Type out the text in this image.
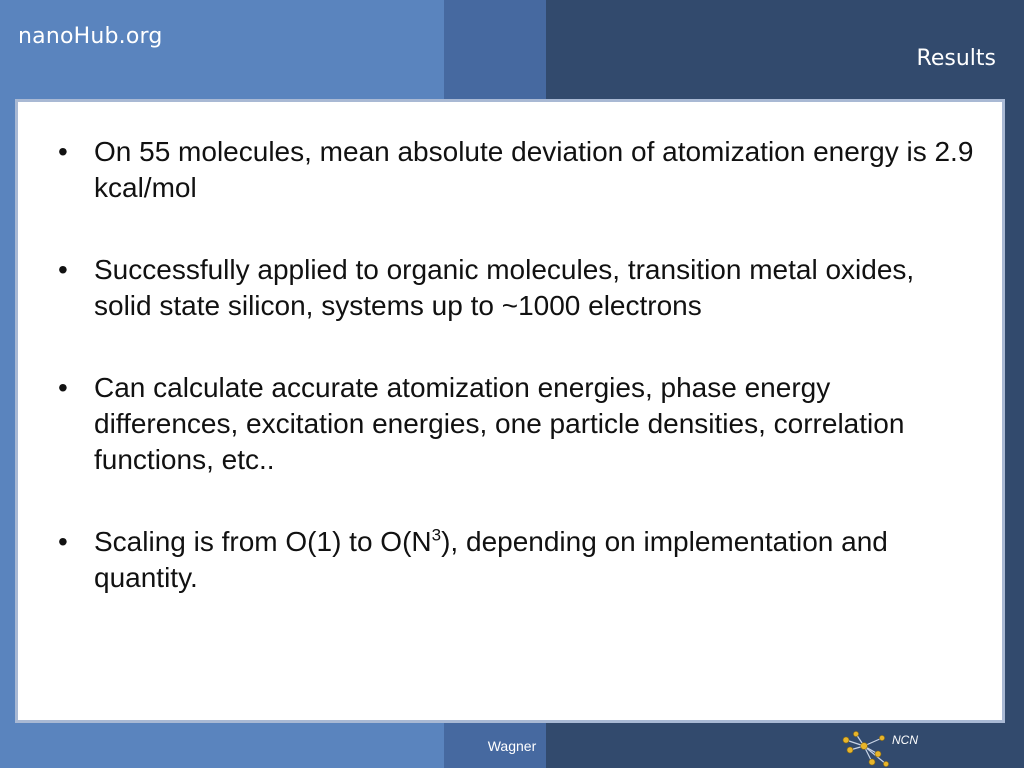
nanoHub.org
Results
• On 55 molecules, mean absolute deviation of atomization energy is 2.9 kcal/mol
• Successfully applied to organic molecules, transition metal oxides, solid state silicon, systems up to ~1000 electrons
• Can calculate accurate atomization energies, phase energy differences, excitation energies, one particle densities, correlation functions, etc..
• Scaling is from O(1) to $O(N^3)$, depending on implementation and quantity.
Wagner	NCN
